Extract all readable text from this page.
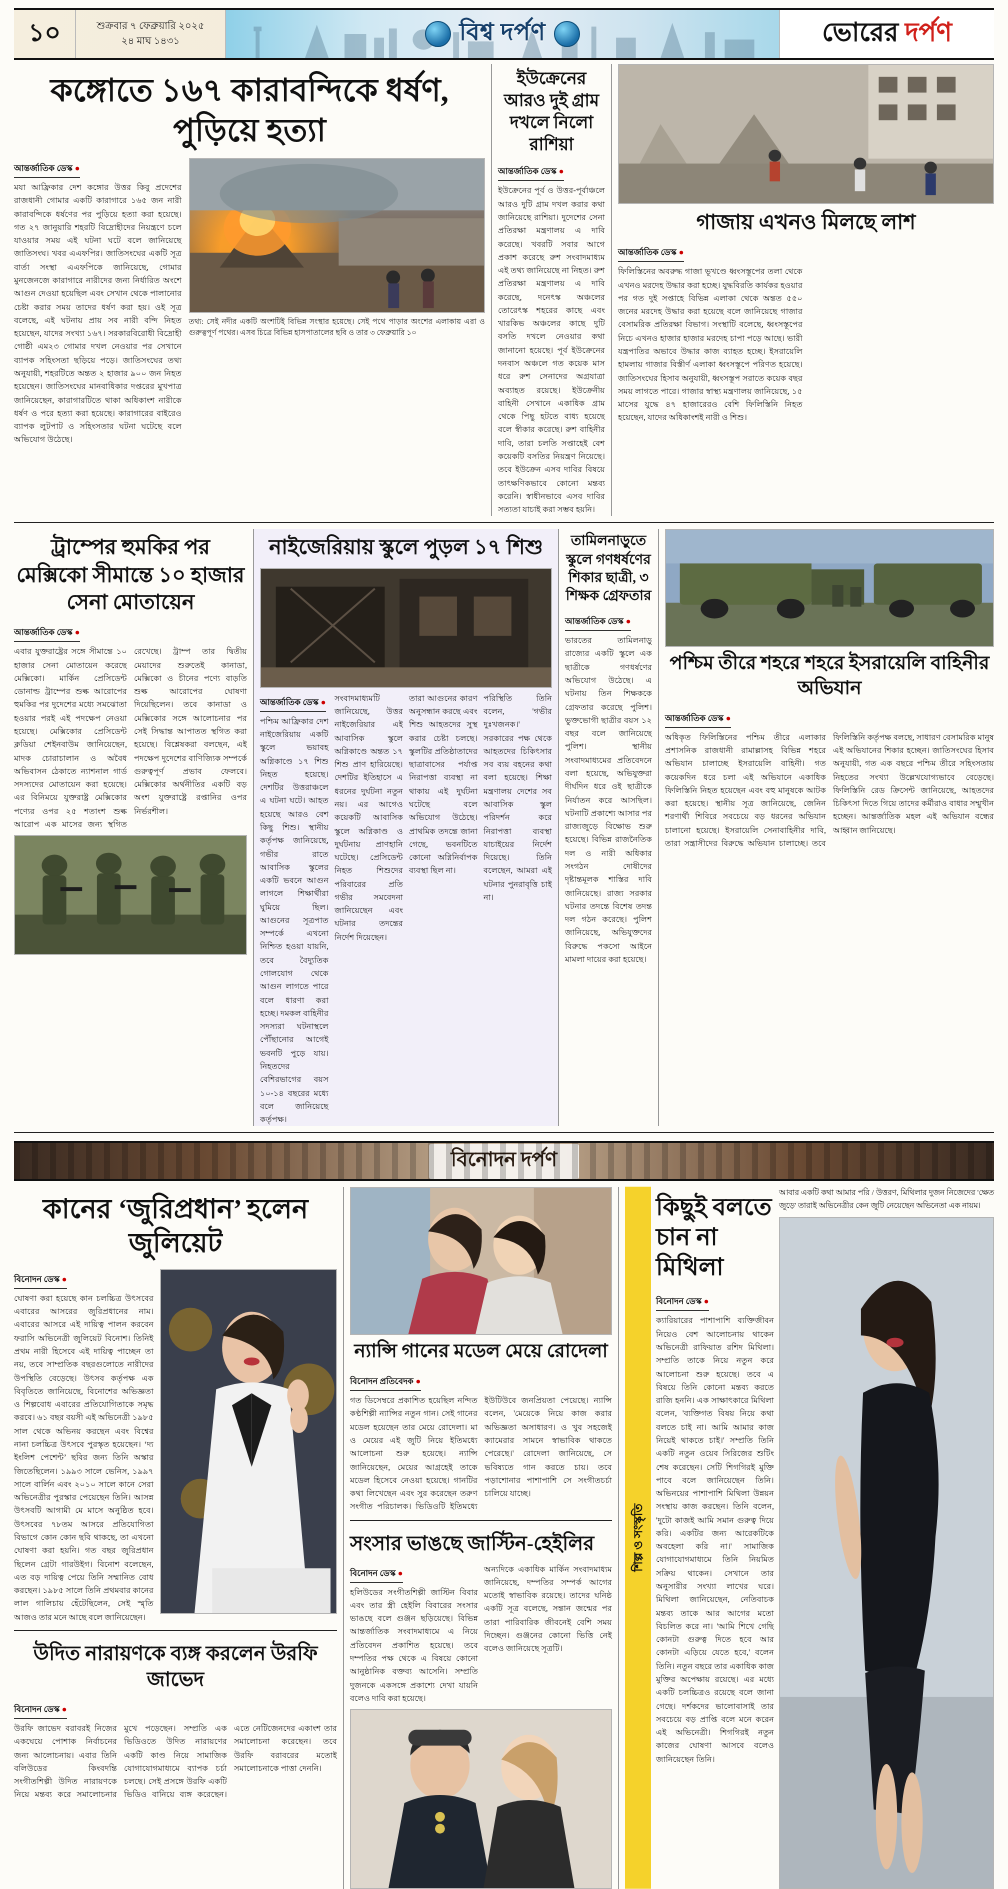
১০	শুক্রবার ৭ ফেব্রুয়ারি ২০২৫
২৪ মাঘ ১৪৩১	বিশ্ব দর্পণ	ভোরের দর্পণ
কঙ্গোতে ১৬৭ কারাবন্দিকে ধর্ষণ, পুড়িয়ে হত্যা
আন্তর্জাতিক ডেস্ক ●
মযা আফ্রিকার দেশ কঙ্গোর উত্তর কিবু প্রদেশের রাজধানী গোমার একটি কারাগারে ১৬৫ জন নারী কারাবন্দিকে ধর্ষণের পর পুড়িয়ে হত্যা করা হয়েছে। গত ২৭ জানুয়ারি শহরটি বিদ্রোহীদের নিয়ন্ত্রণে চলে যাওয়ার সময় এই ঘটনা ঘটে বলে জানিয়েছে জাতিসংঘ। খবর এএফপির। জাতিসংঘের একটি সূত্র বার্তা সংস্থা এএফপিকে জানিয়েছে, গোমার মুনজেনজে কারাগারে নারীদের জন্য নির্ধারিত অংশে আগুন দেওয়া হয়েছিল এবং সেখান থেকে পালানোর চেষ্টা করার সময় তাদের ধর্ষণ করা হয়। ওই সূত্র বলেছে, এই ঘটনায় প্রায় সব নারী বন্দি নিহত হয়েছেন, যাদের সংখ্যা ১৬৭। সরকারবিরোধী বিদ্রোহী গোষ্ঠী এম২৩ গোমার দখল নেওয়ার পর সেখানে ব্যাপক সহিংসতা ছড়িয়ে পড়ে। জাতিসংঘের তথ্য অনুযায়ী, শহরটিতে অন্তত ২ হাজার ৯০০ জন নিহত হয়েছেন। জাতিসংঘের মানবাধিকার দপ্তরের মুখপাত্র জানিয়েছেন, কারাগারটিতে থাকা অধিকাংশ নারীকে ধর্ষণ ও পরে হত্যা করা হয়েছে। কারাগারের বাইরেও ব্যাপক লুটপাট ও সহিংসতার ঘটনা ঘটেছে বলে অভিযোগ উঠেছে।
তথ্য: সেই নদীর একটি অংশটিই বিভিন্ন সংস্থার হয়েছে। সেই পথে পাড়ার অংশের এলাকায় এরা ও গুরুত্বপূর্ণ পথের। এসব চিত্রে বিভিন্ন হাসপাতালের ছবি ও তার ৩ ফেব্রুয়ারি ১০
ইউক্রেনের আরও দুই গ্রাম দখলে নিলো রাশিয়া
আন্তর্জাতিক ডেস্ক ●
ইউক্রেনের পূর্ব ও উত্তর-পূর্বাঞ্চলে আরও দুটি গ্রাম দখল করার কথা জানিয়েছে রাশিয়া। দুদেশের সেনা প্রতিরক্ষা মন্ত্রণালয় এ দাবি করেছে। খবরটি সবার আগে প্রকাশ করেছে রুশ সংবাদমাধ্যম এই তথ্য জানিয়েছে না নিহত। রুশ প্রতিরক্ষা মন্ত্রণালয় এ দাবি করেছে, দনেৎস্ক অঞ্চলের তোরেৎস্ক শহরের কাছে এবং খারকিভ অঞ্চলের কাছে দুটি বসতি দখলে নেওয়ার কথা জানানো হয়েছে। পূর্ব ইউক্রেনের দনবাস অঞ্চলে গত কয়েক মাস ধরে রুশ সেনাদের অগ্রযাত্রা অব্যাহত রয়েছে। ইউক্রেনীয় বাহিনী সেখানে একাধিক গ্রাম থেকে পিছু হটতে বাধ্য হয়েছে বলে স্বীকার করেছে। রুশ বাহিনীর দাবি, তারা চলতি সপ্তাহেই বেশ কয়েকটি বসতির নিয়ন্ত্রণ নিয়েছে। তবে ইউক্রেন এসব দাবির বিষয়ে তাৎক্ষণিকভাবে কোনো মন্তব্য করেনি। স্বাধীনভাবে এসব দাবির সত্যতা যাচাই করা সম্ভব হয়নি।
গাজায় এখনও মিলছে লাশ
আন্তর্জাতিক ডেস্ক ●
ফিলিস্তিনের অবরুদ্ধ গাজা ভূখণ্ডে ধ্বংসস্তূপের তলা থেকে এখনও মরদেহ উদ্ধার করা হচ্ছে। যুদ্ধবিরতি কার্যকর হওয়ার পর গত দুই সপ্তাহে বিভিন্ন এলাকা থেকে অন্তত ৫৫০ জনের মরদেহ উদ্ধার করা হয়েছে বলে জানিয়েছে গাজার বেসামরিক প্রতিরক্ষা বিভাগ। সংস্থাটি বলেছে, ধ্বংসস্তূপের নিচে এখনও হাজার হাজার মরদেহ চাপা পড়ে আছে। ভারী যন্ত্রপাতির অভাবে উদ্ধার কাজ ব্যাহত হচ্ছে। ইসরায়েলি হামলায় গাজার বিস্তীর্ণ এলাকা ধ্বংসস্তূপে পরিণত হয়েছে। জাতিসংঘের হিসাব অনুযায়ী, ধ্বংসস্তূপ সরাতে কয়েক বছর সময় লাগতে পারে। গাজার স্বাস্থ্য মন্ত্রণালয় জানিয়েছে, ১৫ মাসের যুদ্ধে ৪৭ হাজারেরও বেশি ফিলিস্তিনি নিহত হয়েছেন, যাদের অধিকাংশই নারী ও শিশু।
ট্রাম্পের হুমকির পর মেক্সিকো সীমান্তে ১০ হাজার সেনা মোতায়েন
আন্তর্জাতিক ডেস্ক ●
এবার যুক্তরাষ্ট্রের সঙ্গে সীমান্তে ১০ হাজার সেনা মোতায়েন করেছে মেক্সিকো। মার্কিন প্রেসিডেন্ট ডোনাল্ড ট্রাম্পের শুল্ক আরোপের হুমকির পর দুদেশের মধ্যে সমঝোতা হওয়ার পরই এই পদক্ষেপ নেওয়া হয়েছে। মেক্সিকোর প্রেসিডেন্ট ক্লডিয়া শেইনবাউম জানিয়েছেন, মাদক চোরাচালান ও অবৈধ অভিবাসন ঠেকাতে ন্যাশনাল গার্ড সদস্যদের মোতায়েন করা হয়েছে। এর বিনিময়ে যুক্তরাষ্ট্র মেক্সিকোর পণ্যের ওপর ২৫ শতাংশ শুল্ক আরোপ এক মাসের জন্য স্থগিত রেখেছে। ট্রাম্প তার দ্বিতীয় মেয়াদের শুরুতেই কানাডা, মেক্সিকো ও চীনের পণ্যে বাড়তি শুল্ক আরোপের ঘোষণা দিয়েছিলেন। তবে কানাডা ও মেক্সিকোর সঙ্গে আলোচনার পর সেই সিদ্ধান্ত আপাতত স্থগিত করা হয়েছে। বিশ্লেষকরা বলছেন, এই পদক্ষেপ দুদেশের বাণিজ্যিক সম্পর্কে গুরুত্বপূর্ণ প্রভাব ফেলবে। মেক্সিকোর অর্থনীতির একটি বড় অংশ যুক্তরাষ্ট্রে রপ্তানির ওপর নির্ভরশীল।
নাইজেরিয়ায় স্কুলে পুড়ল ১৭ শিশু
আন্তর্জাতিক ডেস্ক ●
পশ্চিম আফ্রিকার দেশ নাইজেরিয়ায় একটি স্কুলে ভয়াবহ অগ্নিকাণ্ডে ১৭ শিশু নিহত হয়েছে। দেশটির উত্তরাঞ্চলে এ ঘটনা ঘটে। আহত হয়েছে আরও বেশ কিছু শিশু। স্থানীয় কর্তৃপক্ষ জানিয়েছে, গভীর রাতে আবাসিক স্কুলের একটি ভবনে আগুন লাগলে শিক্ষার্থীরা ঘুমিয়ে ছিল। আগুনের সূত্রপাত সম্পর্কে এখনো নিশ্চিত হওয়া যায়নি, তবে বৈদ্যুতিক গোলযোগ থেকে আগুন লাগতে পারে বলে ধারণা করা হচ্ছে। দমকল বাহিনীর সদস্যরা ঘটনাস্থলে পৌঁছানোর আগেই ভবনটি পুড়ে যায়। নিহতদের বেশিরভাগের বয়স ১০-১৪ বছরের মধ্যে বলে জানিয়েছে কর্তৃপক্ষ।
সংবাদমাধ্যমটি জানিয়েছে, উত্তর নাইজেরিয়ার এই আবাসিক স্কুলে অগ্নিকাণ্ডে অন্তত ১৭ শিশু প্রাণ হারিয়েছে। দেশটির ইতিহাসে এ ধরনের দুর্ঘটনা নতুন নয়। এর আগেও কয়েকটি আবাসিক স্কুলে অগ্নিকাণ্ড ও দুর্ঘটনায় প্রাণহানি ঘটেছে। প্রেসিডেন্ট নিহত শিশুদের পরিবারের প্রতি গভীর সমবেদনা জানিয়েছেন এবং ঘটনার তদন্তের নির্দেশ দিয়েছেন।
তারা আগুনের কারণ অনুসন্ধান করছে এবং শিশু আহতদের সুস্থ করার চেষ্টা চলছে। স্কুলটির প্রতিষ্ঠাতাদের ছাত্রাবাসের পর্যাপ্ত নিরাপত্তা ব্যবস্থা না থাকায় এই দুর্ঘটনা ঘটেছে বলে অভিযোগ উঠেছে। প্রাথমিক তদন্তে জানা গেছে, ভবনটিতে কোনো অগ্নিনির্বাপক ব্যবস্থা ছিল না।
পরিস্থিতি তিনি বলেন, 'গভীর দুঃখজনক।' সরকারের পক্ষ থেকে আহতদের চিকিৎসার সব ব্যয় বহনের কথা বলা হয়েছে। শিক্ষা মন্ত্রণালয় দেশের সব আবাসিক স্কুল পরিদর্শন করে নিরাপত্তা ব্যবস্থা যাচাইয়ের নির্দেশ দিয়েছে। তিনি বলেছেন, আমরা এই ঘটনার পুনরাবৃত্তি চাই না।
তামিলনাড়ুতে স্কুলে গণধর্ষণের শিকার ছাত্রী, ৩ শিক্ষক গ্রেফতার
আন্তর্জাতিক ডেস্ক ●
ভারতের তামিলনাড়ু রাজ্যের একটি স্কুলে এক ছাত্রীকে গণধর্ষণের অভিযোগ উঠেছে। এ ঘটনায় তিন শিক্ষককে গ্রেফতার করেছে পুলিশ। ভুক্তভোগী ছাত্রীর বয়স ১২ বছর বলে জানিয়েছে পুলিশ। স্থানীয় সংবাদমাধ্যমের প্রতিবেদনে বলা হয়েছে, অভিযুক্তরা দীর্ঘদিন ধরে ওই ছাত্রীকে নির্যাতন করে আসছিল। ঘটনাটি প্রকাশ্যে আসার পর রাজ্যজুড়ে বিক্ষোভ শুরু হয়েছে। বিভিন্ন রাজনৈতিক দল ও নারী অধিকার সংগঠন দোষীদের দৃষ্টান্তমূলক শাস্তির দাবি জানিয়েছে। রাজ্য সরকার ঘটনার তদন্তে বিশেষ তদন্ত দল গঠন করেছে। পুলিশ জানিয়েছে, অভিযুক্তদের বিরুদ্ধে পকসো আইনে মামলা দায়ের করা হয়েছে।
পশ্চিম তীরে শহরে শহরে ইসরায়েলি বাহিনীর অভিযান
আন্তর্জাতিক ডেস্ক ●
অধিকৃত ফিলিস্তিনের পশ্চিম তীরে এলাকার প্রশাসনিক রাজধানী রামাল্লাসহ বিভিন্ন শহরে অভিযান চালাচ্ছে ইসরায়েলি বাহিনী। গত কয়েকদিন ধরে চলা এই অভিযানে একাধিক ফিলিস্তিনি নিহত হয়েছেন এবং বহু মানুষকে আটক করা হয়েছে। স্থানীয় সূত্র জানিয়েছে, জেনিন শরণার্থী শিবিরে সবচেয়ে বড় ধরনের অভিযান চালানো হয়েছে। ইসরায়েলি সেনাবাহিনীর দাবি, তারা সন্ত্রাসীদের বিরুদ্ধে অভিযান চালাচ্ছে। তবে ফিলিস্তিনি কর্তৃপক্ষ বলছে, সাধারণ বেসামরিক মানুষ এই অভিযানের শিকার হচ্ছেন। জাতিসংঘের হিসাব অনুযায়ী, গত এক বছরে পশ্চিম তীরে সহিংসতায় নিহতের সংখ্যা উল্লেখযোগ্যভাবে বেড়েছে। ফিলিস্তিনি রেড ক্রিসেন্ট জানিয়েছে, আহতদের চিকিৎসা দিতে গিয়ে তাদের কর্মীরাও বাধার সম্মুখীন হচ্ছেন। আন্তর্জাতিক মহল এই অভিযান বন্ধের আহ্বান জানিয়েছে।
বিনোদন দর্পণ
কানের ‘জুরিপ্রধান’ হলেন জুলিয়েট
বিনোদন ডেস্ক ●
ঘোষণা করা হয়েছে কান চলচ্চিত্র উৎসবের এবারের আসরের জুরিপ্রধানের নাম। এবারের আসরে এই দায়িত্ব পালন করবেন ফরাসি অভিনেত্রী জুলিয়েট বিনোশ। তিনিই প্রথম নারী হিসেবে এই দায়িত্ব পাচ্ছেন তা নয়, তবে সাম্প্রতিক বছরগুলোতে নারীদের উপস্থিতি বেড়েছে। উৎসব কর্তৃপক্ষ এক বিবৃতিতে জানিয়েছে, বিনোশের অভিজ্ঞতা ও শিল্পবোধ এবারের প্রতিযোগিতাকে সমৃদ্ধ করবে। ৬১ বছর বয়সী এই অভিনেত্রী ১৯৮৫ সাল থেকে অভিনয় করছেন এবং বিশ্বের নানা চলচ্চিত্র উৎসবে পুরস্কৃত হয়েছেন। ‘দ্য ইংলিশ পেশেন্ট’ ছবির জন্য তিনি অস্কার জিতেছিলেন। ১৯৯৩ সালে ভেনিস, ১৯৯৭ সালে বার্লিন এবং ২০১০ সালে কানে সেরা অভিনেত্রীর পুরস্কার পেয়েছেন তিনি। আসন্ন উৎসবটি আগামী মে মাসে অনুষ্ঠিত হবে। উৎসবের ৭৮তম আসরে প্রতিযোগিতা বিভাগে কোন কোন ছবি থাকছে, তা এখনো ঘোষণা করা হয়নি। গত বছর জুরিপ্রধান ছিলেন গ্রেটা গারউইগ। বিনোশ বলেছেন, এত বড় দায়িত্ব পেয়ে তিনি সম্মানিত বোধ করছেন। ১৯৮৫ সালে তিনি প্রথমবার কানের লাল গালিচায় হেঁটেছিলেন, সেই স্মৃতি আজও তার মনে আছে বলে জানিয়েছেন।
উদিত নারায়ণকে ব্যঙ্গ করলেন উরফি জাভেদ
বিনোদন ডেস্ক ●
উরফি জাভেদ বরাবরই নিজের একঘেয়ে পোশাক নির্বাচনের জন্য আলোচনায়। এবার তিনি বলিউডের কিংবদন্তি সংগীতশিল্পী উদিত নারায়ণকে নিয়ে মন্তব্য করে সমালোচনার মুখে পড়েছেন। সম্প্রতি এক ভিডিওতে উদিত নারায়ণের একটি কাণ্ড নিয়ে সামাজিক যোগাযোগমাধ্যমে ব্যাপক চর্চা চলছে। সেই প্রসঙ্গে উরফি একটি ভিডিও বানিয়ে ব্যঙ্গ করেছেন। এতে নেটিজেনদের একাংশ তার সমালোচনা করেছেন। তবে উরফি বরাবরের মতোই সমালোচনাকে পাত্তা দেননি।
ন্যান্সি গানের মডেল মেয়ে রোদেলা
বিনোদন প্রতিবেদক ●
গত ডিসেম্বরে প্রকাশিত হয়েছিল নন্দিত কণ্ঠশিল্পী ন্যান্সির নতুন গান। সেই গানের মডেল হয়েছেন তার মেয়ে রোদেলা। মা ও মেয়ের এই জুটি নিয়ে ইতিমধ্যে আলোচনা শুরু হয়েছে। ন্যান্সি জানিয়েছেন, মেয়ের আগ্রহেই তাকে মডেল হিসেবে নেওয়া হয়েছে। গানটির কথা লিখেছেন এবং সুর করেছেন তরুণ সংগীত পরিচালক। ভিডিওটি ইতিমধ্যে ইউটিউবে জনপ্রিয়তা পেয়েছে। ন্যান্সি বলেন, 'মেয়েকে নিয়ে কাজ করার অভিজ্ঞতা অসাধারণ। ও খুব সহজেই ক্যামেরার সামনে স্বাভাবিক থাকতে পেরেছে।' রোদেলা জানিয়েছে, সে ভবিষ্যতে গান করতে চায়। তবে পড়াশোনার পাশাপাশি সে সংগীতচর্চা চালিয়ে যাচ্ছে।
সংসার ভাঙছে জাস্টিন-হেইলির
বিনোদন ডেস্ক ●
হলিউডের সংগীতশিল্পী জাস্টিন বিবার এবং তার স্ত্রী হেইলি বিবারের সংসার ভাঙছে বলে গুঞ্জন ছড়িয়েছে। বিভিন্ন আন্তর্জাতিক সংবাদমাধ্যমে এ নিয়ে প্রতিবেদন প্রকাশিত হয়েছে। তবে দম্পতির পক্ষ থেকে এ বিষয়ে কোনো আনুষ্ঠানিক বক্তব্য আসেনি। সম্প্রতি দুজনকে একসঙ্গে প্রকাশ্যে দেখা যায়নি বলেও দাবি করা হয়েছে।
অন্যদিকে একাধিক মার্কিন সংবাদমাধ্যম জানিয়েছে, দম্পতির সম্পর্ক আগের মতোই স্বাভাবিক রয়েছে। তাদের ঘনিষ্ঠ একটি সূত্র বলেছে, সন্তান জন্মের পর তারা পারিবারিক জীবনেই বেশি সময় দিচ্ছেন। গুঞ্জনের কোনো ভিত্তি নেই বলেও জানিয়েছে সূত্রটি।
শিল্প ও সংস্কৃতি
কিছুই বলতে চান না মিথিলা
বিনোদন ডেস্ক ●
ক্যারিয়ারের পাশাপাশি ব্যক্তিজীবন নিয়েও বেশ আলোচনায় থাকেন অভিনেত্রী রাফিয়াত রশিদ মিথিলা। সম্প্রতি তাকে নিয়ে নতুন করে আলোচনা শুরু হয়েছে। তবে এ বিষয়ে তিনি কোনো মন্তব্য করতে রাজি হননি। এক সাক্ষাৎকারে মিথিলা বলেন, 'ব্যক্তিগত বিষয় নিয়ে কথা বলতে চাই না। আমি আমার কাজ নিয়েই থাকতে চাই।' সম্প্রতি তিনি একটি নতুন ওয়েব সিরিজের শুটিং শেষ করেছেন। সেটি শিগগিরই মুক্তি পাবে বলে জানিয়েছেন তিনি। অভিনয়ের পাশাপাশি মিথিলা উন্নয়ন সংস্থায় কাজ করছেন। তিনি বলেন, 'দুটো কাজই আমি সমান গুরুত্ব দিয়ে করি। একটির জন্য আরেকটিকে অবহেলা করি না।' সামাজিক যোগাযোগমাধ্যমে তিনি নিয়মিত সক্রিয় থাকেন। সেখানে তার অনুসারীর সংখ্যা লাখের ঘরে। মিথিলা জানিয়েছেন, নেতিবাচক মন্তব্য তাকে আর আগের মতো বিচলিত করে না। 'আমি শিখে গেছি কোনটা গুরুত্ব দিতে হবে আর কোনটা এড়িয়ে যেতে হবে,' বলেন তিনি। নতুন বছরে তার একাধিক কাজ মুক্তির অপেক্ষায় রয়েছে। এর মধ্যে একটি চলচ্চিত্রও রয়েছে বলে জানা গেছে। দর্শকদের ভালোবাসাই তার সবচেয়ে বড় প্রাপ্তি বলে মনে করেন এই অভিনেত্রী। শিগগিরই নতুন কাজের ঘোষণা আসবে বলেও জানিয়েছেন তিনি।
আবার একটি কথা আমার পরি / উত্তরণ, মিথিলার দুজন নিজেদের 'ক্ষেত জুড়ে' তারাই অভিনেত্রীর কেন জুটি নেয়েছেন অভিনেতা এক নায়ম।
